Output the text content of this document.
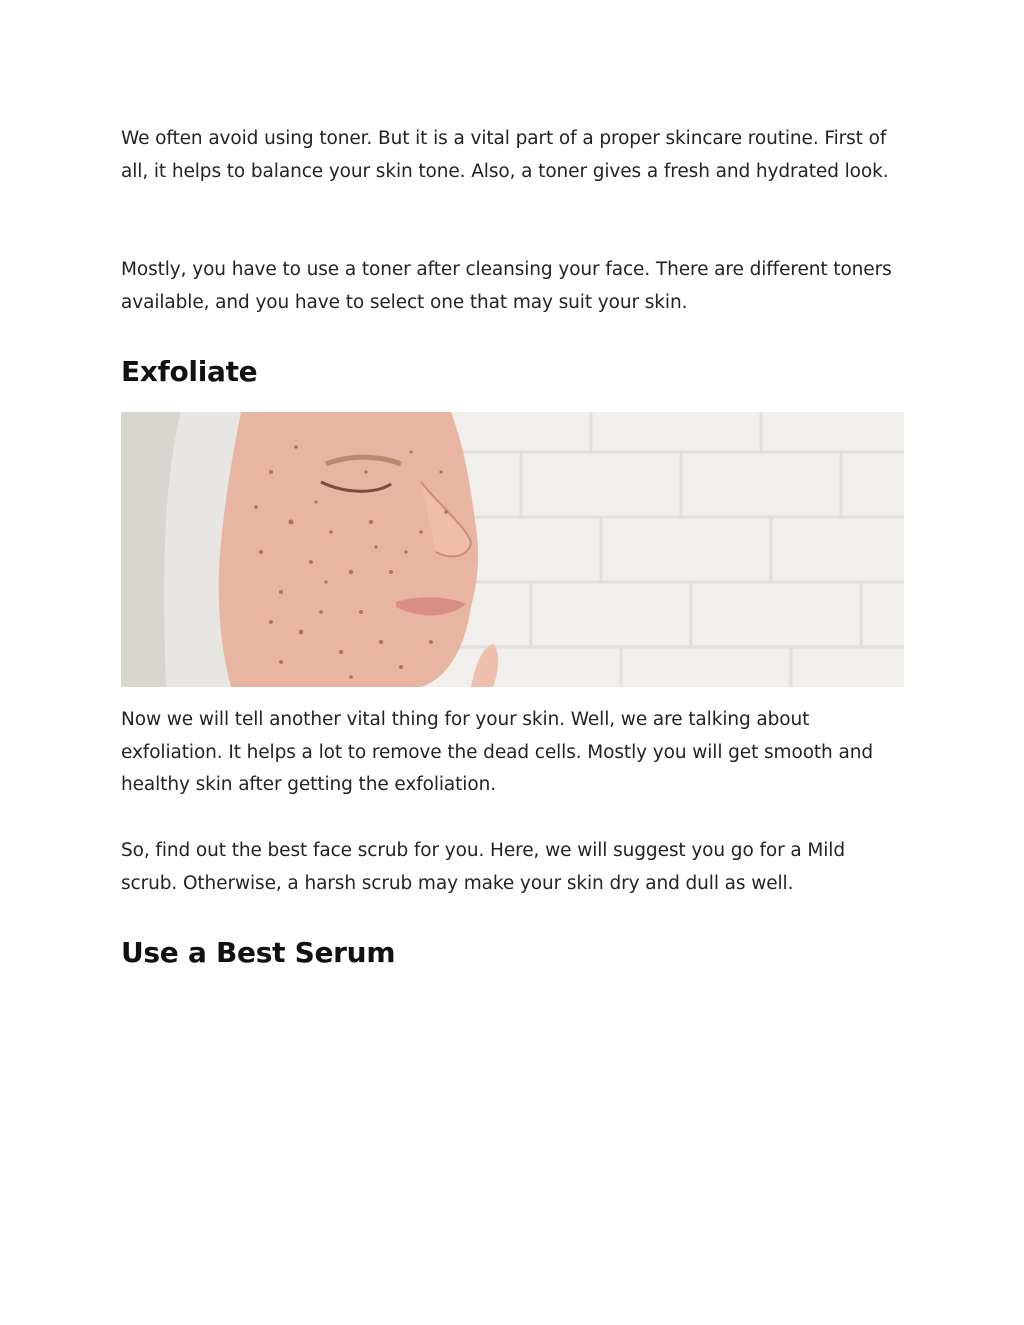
We often avoid using toner. But it is a vital part of a proper skincare routine. First of all, it helps to balance your skin tone. Also, a toner gives a fresh and hydrated look.

Mostly, you have to use a toner after cleansing your face. There are different toners available, and you have to select one that may suit your skin.

Exfoliate

Now we will tell another vital thing for your skin. Well, we are talking about exfoliation. It helps a lot to remove the dead cells. Mostly you will get smooth and healthy skin after getting the exfoliation.

So, find out the best face scrub for you. Here, we will suggest you go for a Mild scrub. Otherwise, a harsh scrub may make your skin dry and dull as well.

Use a Best Serum
